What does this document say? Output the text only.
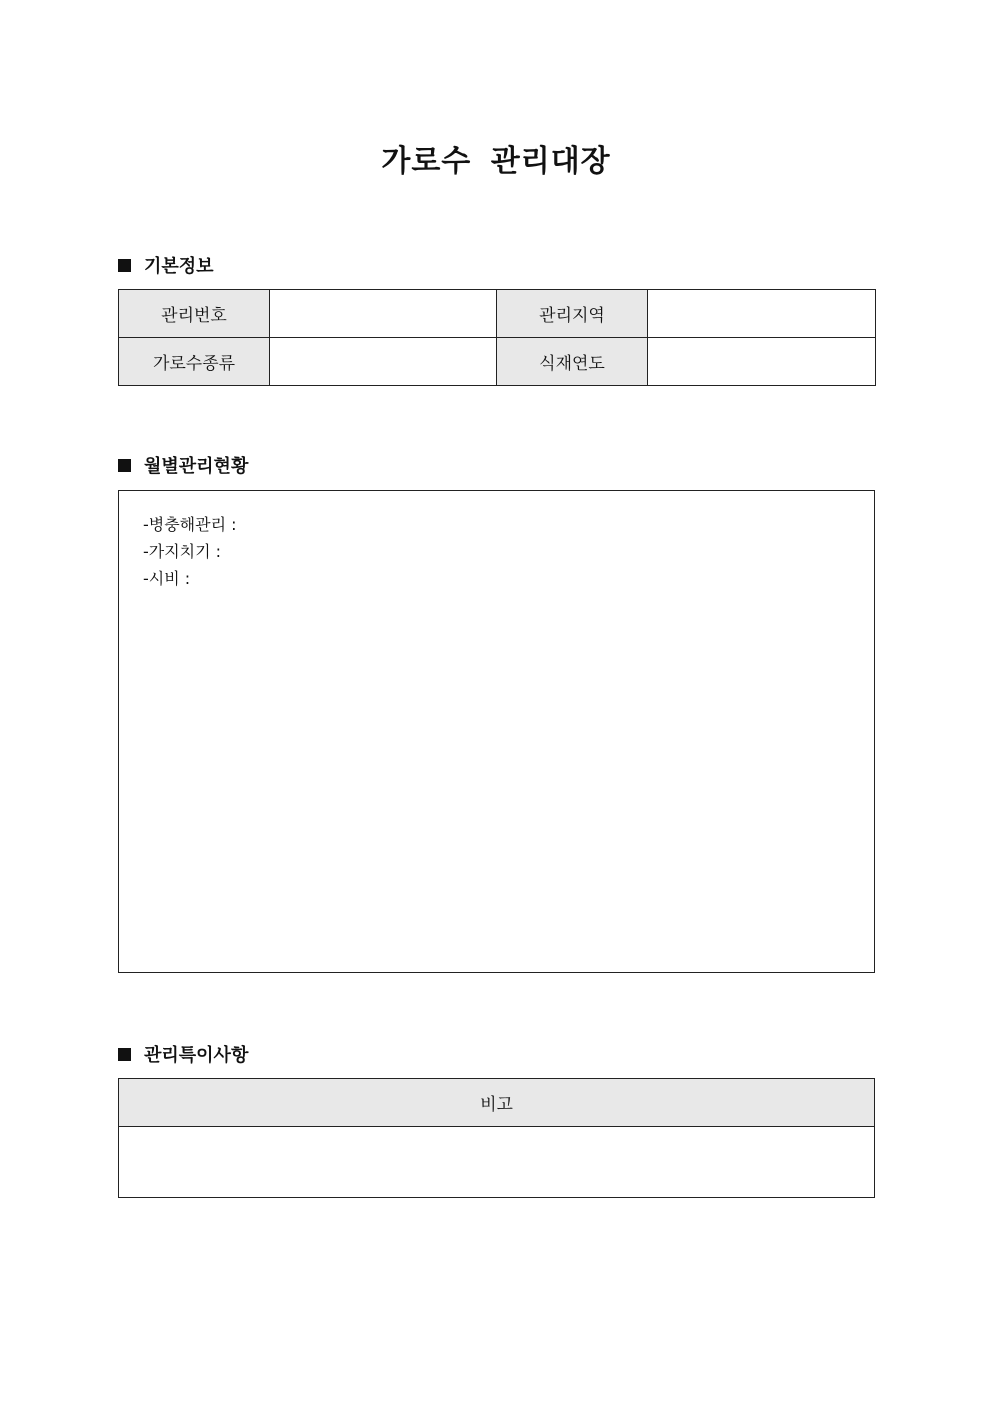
가로수 관리대장
기본정보
관리번호		관리지역	
가로수종류		식재연도	
월별관리현황
-병충해관리 :
-가지치기 :
-시비 :
관리특이사항
비고
